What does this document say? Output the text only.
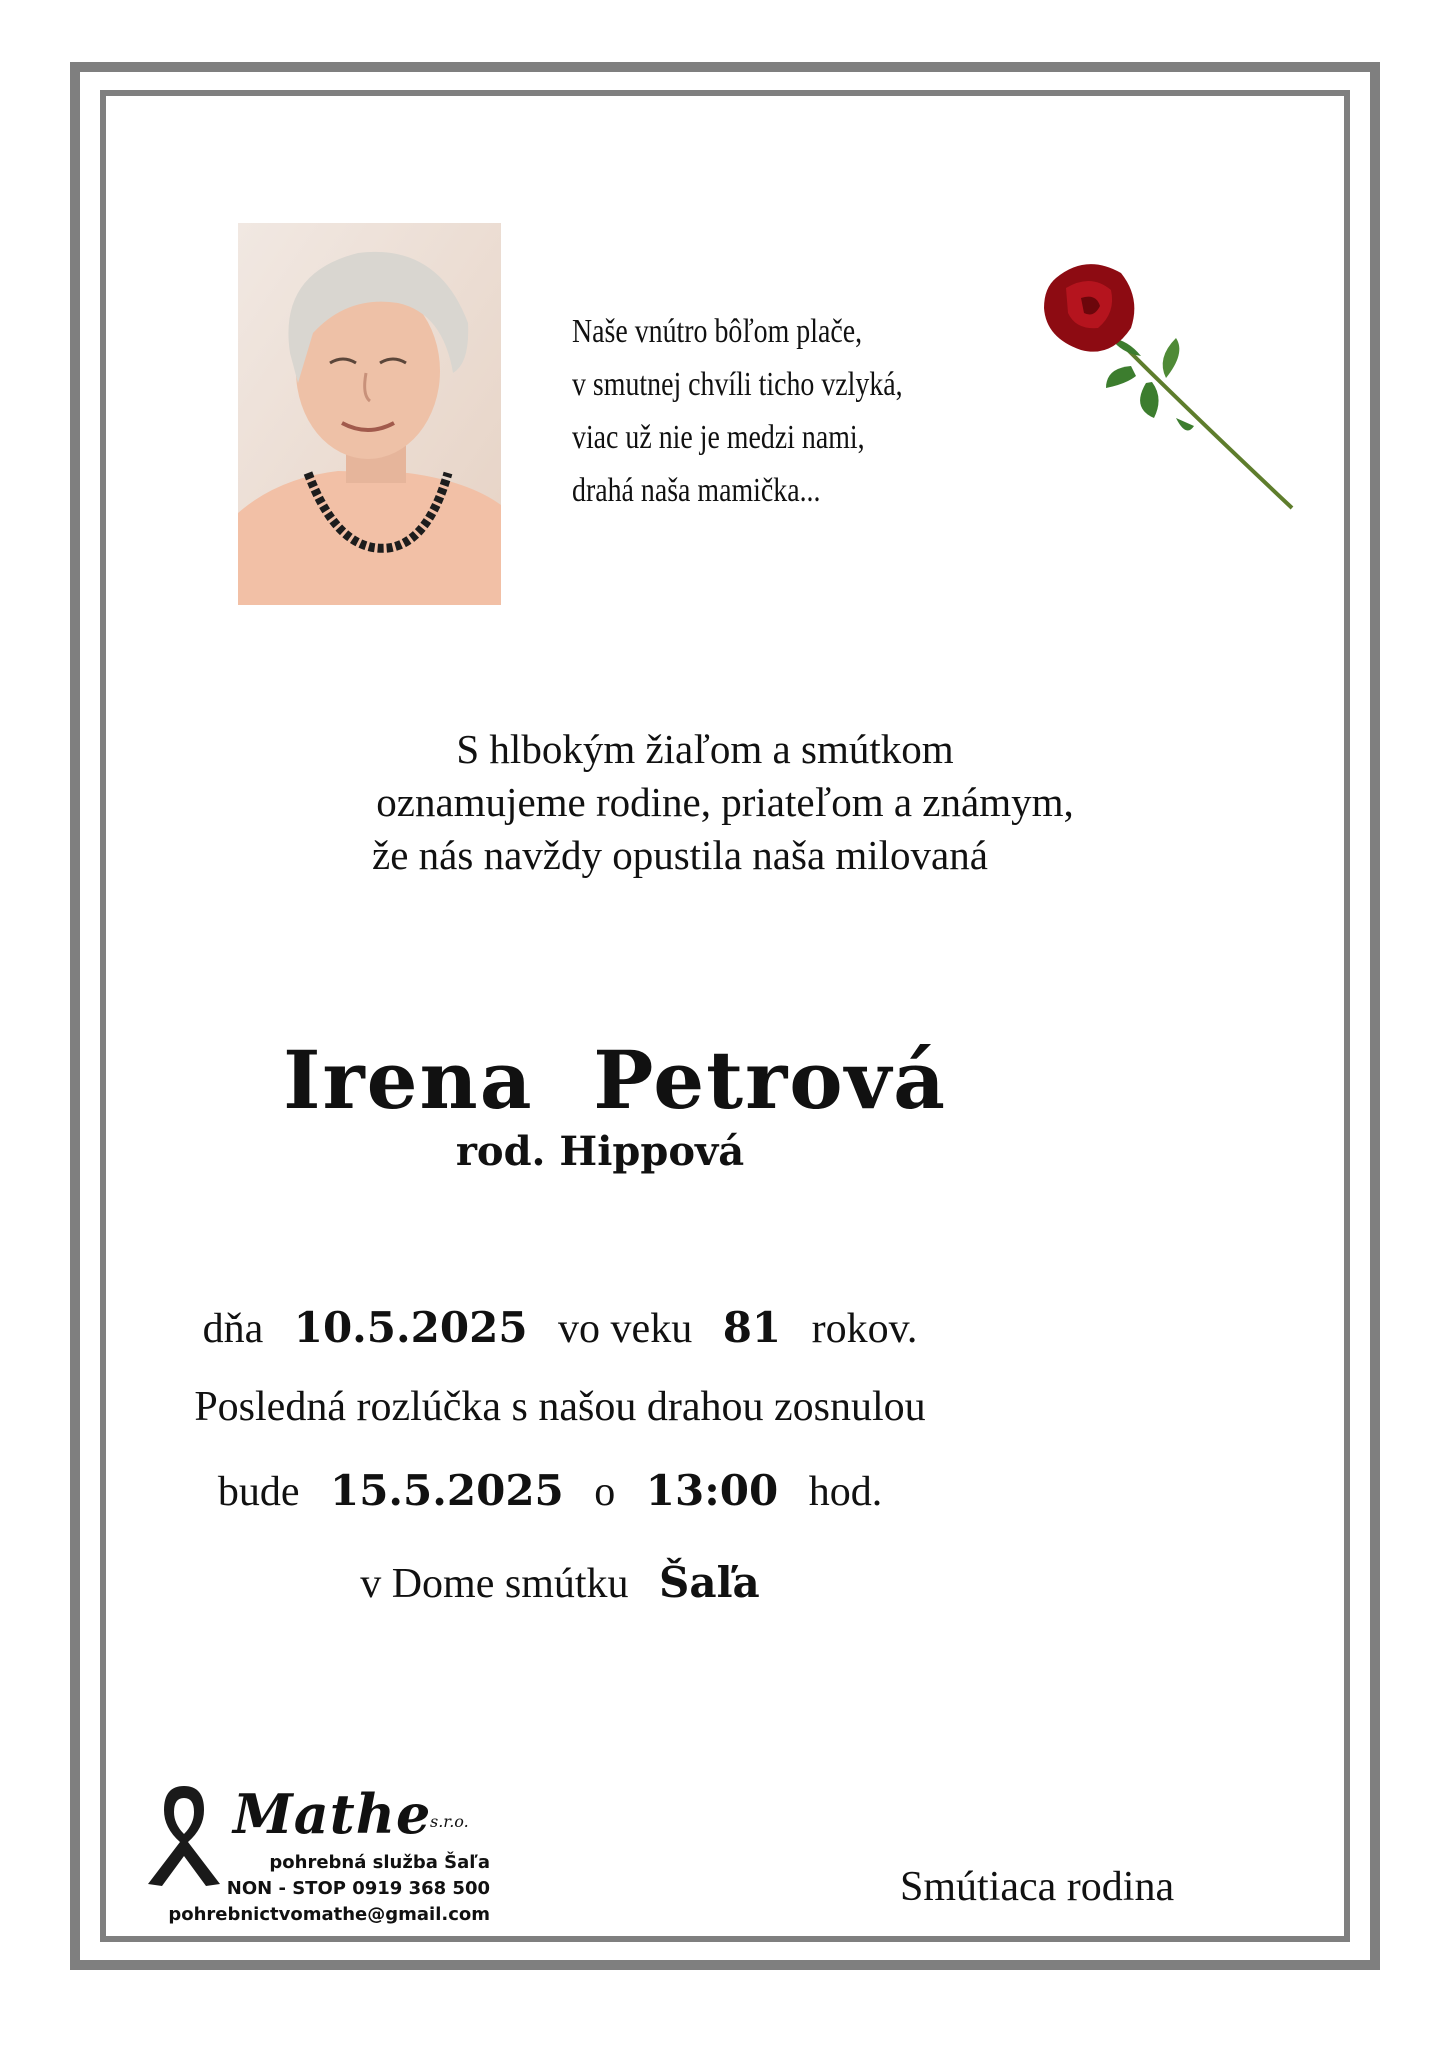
Naše vnútro bôľom plače,
v smutnej chvíli ticho vzlyká,
viac už nie je medzi nami,
drahá naša mamička...
S hlbokým žiaľom a smútkom
oznamujeme rodine, priateľom a známym,
že nás navždy opustila naša milovaná
Irena  Petrová
rod. Hippová
dňa 10.5.2025 vo veku 81 rokov.
Posledná rozlúčka s našou drahou zosnulou
bude 15.5.2025 o 13:00 hod.
v Dome smútku Šaľa
Mathe
s.r.o.
pohrebná služba Šaľa
NON - STOP 0919 368 500
pohrebnictvomathe@gmail.com
Smútiaca rodina
